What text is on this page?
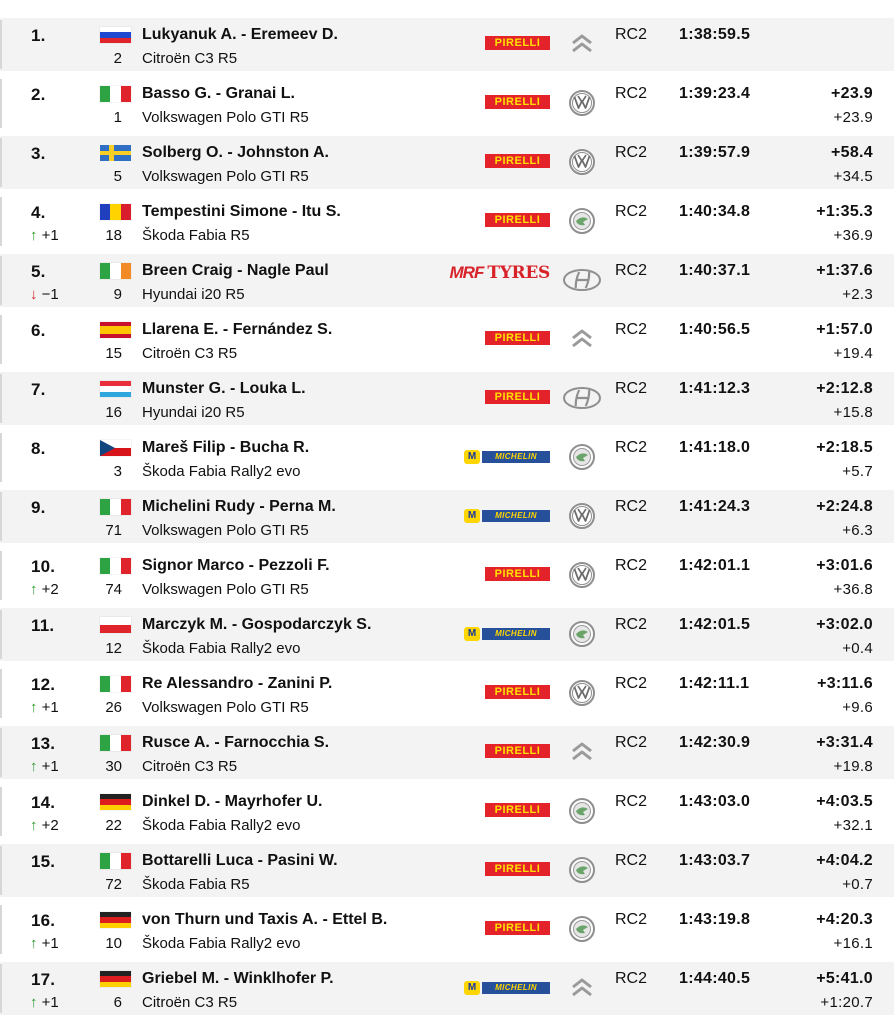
1.
2
Lukyanuk A. - Eremeev D.
Citroën C3 R5
PIRELLI	RC2 1:38:59.5
2.
1
Basso G. - Granai L.
Volkswagen Polo GTI R5
PIRELLI	RC2 1:39:23.4	+23.9
+23.9
3.
5
Solberg O. - Johnston A.
Volkswagen Polo GTI R5
PIRELLI	RC2 1:39:57.9	+58.4
+34.5
4.
↑ +1	18
Tempestini Simone - Itu S.
Škoda Fabia R5
PIRELLI	RC2 1:40:34.8	+1:35.3
+36.9
5.
↓ −1	9
Breen Craig - Nagle Paul
Hyundai i20 R5
MRF TYRES	RC2 1:40:37.1	+1:37.6
+2.3
6.
15
Llarena E. - Fernández S.
Citroën C3 R5
PIRELLI	RC2 1:40:56.5	+1:57.0
+19.4
7.
16
Munster G. - Louka L.
Hyundai i20 R5
PIRELLI	RC2 1:41:12.3	+2:12.8
+15.8
8.
3
Mareš Filip - Bucha R.
Škoda Fabia Rally2 evo
M	MICHELIN	RC2 1:41:18.0	+2:18.5
+5.7
9.
71
Michelini Rudy - Perna M.
Volkswagen Polo GTI R5
M	MICHELIN	RC2 1:41:24.3	+2:24.8
+6.3
10.
↑ +2	74
Signor Marco - Pezzoli F.
Volkswagen Polo GTI R5
PIRELLI	RC2 1:42:01.1	+3:01.6
+36.8
11.
12
Marczyk M. - Gospodarczyk S.
Škoda Fabia Rally2 evo
M	MICHELIN	RC2 1:42:01.5	+3:02.0
+0.4
12.
↑ +1	26
Re Alessandro - Zanini P.
Volkswagen Polo GTI R5
PIRELLI	RC2 1:42:11.1	+3:11.6
+9.6
13.
↑ +1	30
Rusce A. - Farnocchia S.
Citroën C3 R5
PIRELLI	RC2 1:42:30.9	+3:31.4
+19.8
14.
↑ +2	22
Dinkel D. - Mayrhofer U.
Škoda Fabia Rally2 evo
PIRELLI	RC2 1:43:03.0	+4:03.5
+32.1
15.
72
Bottarelli Luca - Pasini W.
Škoda Fabia R5
PIRELLI	RC2 1:43:03.7	+4:04.2
+0.7
16.
↑ +1	10
von Thurn und Taxis A. - Ettel B.
Škoda Fabia Rally2 evo
PIRELLI	RC2 1:43:19.8	+4:20.3
+16.1
17.
↑ +1	6
Griebel M. - Winklhofer P.
Citroën C3 R5
M	MICHELIN	RC2 1:44:40.5	+5:41.0
+1:20.7
